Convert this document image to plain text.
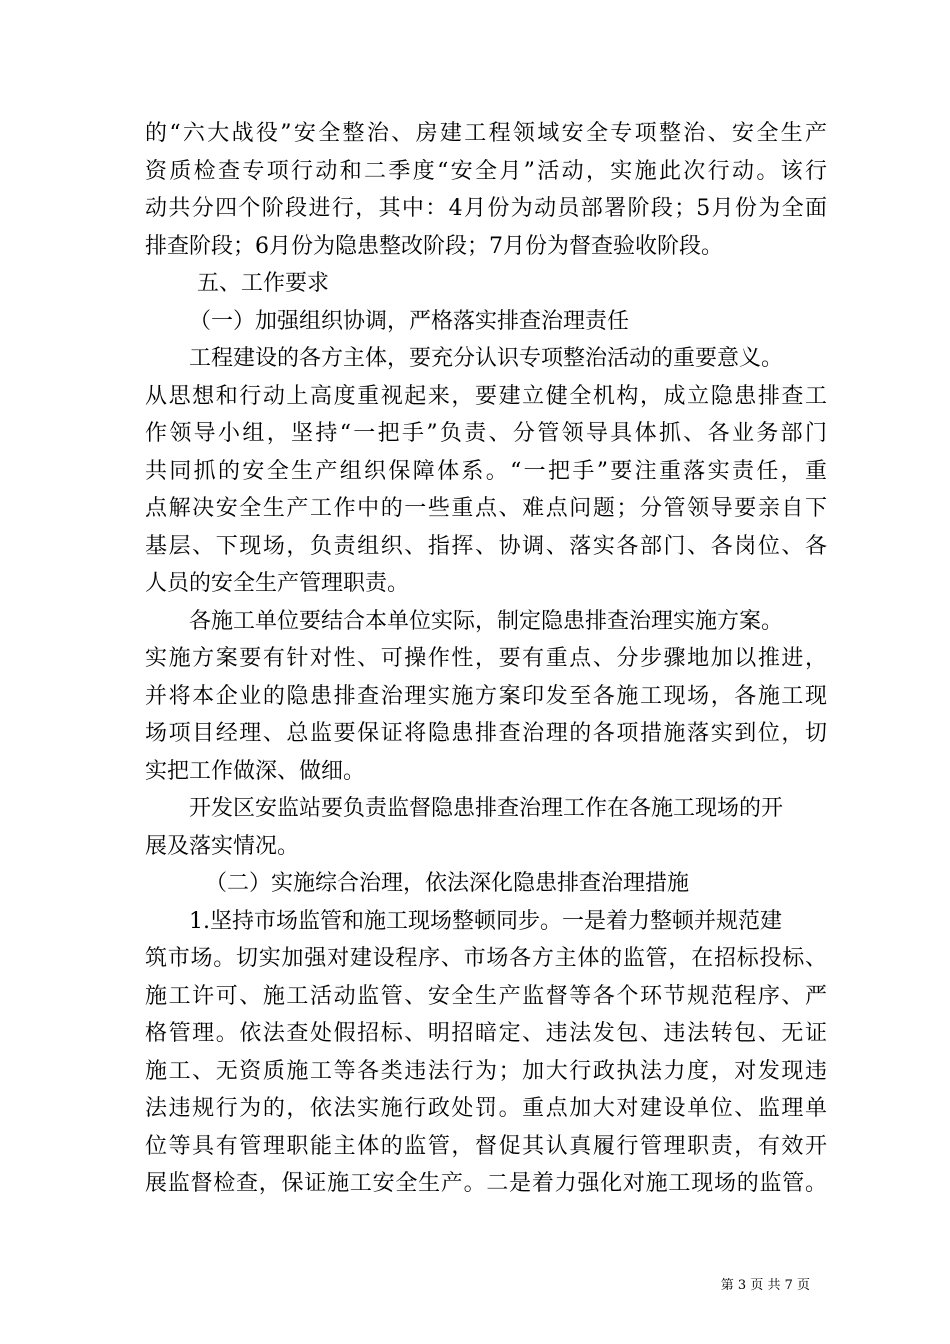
的“六大战役”安全整治、房建工程领域安全专项整治、安全生产
资质检查专项行动和二季度“安全月”活动，实施此次行动。该行
动共分四个阶段进行，其中：4月份为动员部署阶段；5月份为全面
排查阶段；6月份为隐患整改阶段；7月份为督查验收阶段。
五、工作要求
（一）加强组织协调，严格落实排查治理责任
工程建设的各方主体，要充分认识专项整治活动的重要意义。
从思想和行动上高度重视起来，要建立健全机构，成立隐患排查工
作领导小组，坚持“一把手”负责、分管领导具体抓、各业务部门
共同抓的安全生产组织保障体系。“一把手”要注重落实责任，重
点解决安全生产工作中的一些重点、难点问题；分管领导要亲自下
基层、下现场，负责组织、指挥、协调、落实各部门、各岗位、各
人员的安全生产管理职责。
各施工单位要结合本单位实际，制定隐患排查治理实施方案。
实施方案要有针对性、可操作性，要有重点、分步骤地加以推进，
并将本企业的隐患排查治理实施方案印发至各施工现场，各施工现
场项目经理、总监要保证将隐患排查治理的各项措施落实到位，切
实把工作做深、做细。
开发区安监站要负责监督隐患排查治理工作在各施工现场的开
展及落实情况。
（二）实施综合治理，依法深化隐患排查治理措施
1.坚持市场监管和施工现场整顿同步。一是着力整顿并规范建
筑市场。切实加强对建设程序、市场各方主体的监管，在招标投标、
施工许可、施工活动监管、安全生产监督等各个环节规范程序、严
格管理。依法查处假招标、明招暗定、违法发包、违法转包、无证
施工、无资质施工等各类违法行为；加大行政执法力度，对发现违
法违规行为的，依法实施行政处罚。重点加大对建设单位、监理单
位等具有管理职能主体的监管，督促其认真履行管理职责，有效开
展监督检查，保证施工安全生产。二是着力强化对施工现场的监管。
第 3 页 共 7 页
